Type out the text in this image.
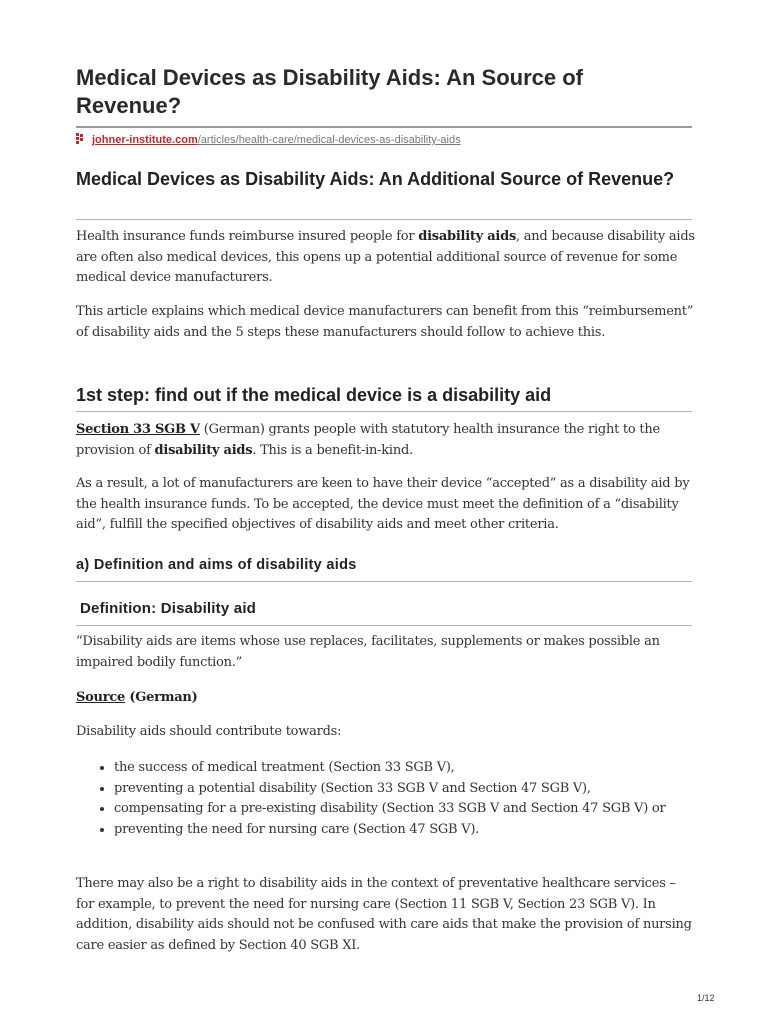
Medical Devices as Disability Aids: An Source of Revenue?
johner-institute.com/articles/health-care/medical-devices-as-disability-aids
Medical Devices as Disability Aids: An Additional Source of Revenue?

Health insurance funds reimburse insured people for disability aids, and because disability aids are often also medical devices, this opens up a potential additional source of revenue for some medical device manufacturers.

This article explains which medical device manufacturers can benefit from this “reimbursement” of disability aids and the 5 steps these manufacturers should follow to achieve this.

1st step: find out if the medical device is a disability aid

Section 33 SGB V (German) grants people with statutory health insurance the right to the provision of disability aids. This is a benefit-in-kind.

As a result, a lot of manufacturers are keen to have their device “accepted” as a disability aid by the health insurance funds. To be accepted, the device must meet the definition of a “disability aid”, fulfill the specified objectives of disability aids and meet other criteria.

a) Definition and aims of disability aids
Definition: Disability aid

“Disability aids are items whose use replaces, facilitates, supplements or makes possible an impaired bodily function.”

Source (German)

Disability aids should contribute towards:

• the success of medical treatment (Section 33 SGB V),
• preventing a potential disability (Section 33 SGB V and Section 47 SGB V),
• compensating for a pre-existing disability (Section 33 SGB V and Section 47 SGB V) or
• preventing the need for nursing care (Section 47 SGB V).

There may also be a right to disability aids in the context of preventative healthcare services – for example, to prevent the need for nursing care (Section 11 SGB V, Section 23 SGB V). In addition, disability aids should not be confused with care aids that make the provision of nursing care easier as defined by Section 40 SGB XI.

1/12
